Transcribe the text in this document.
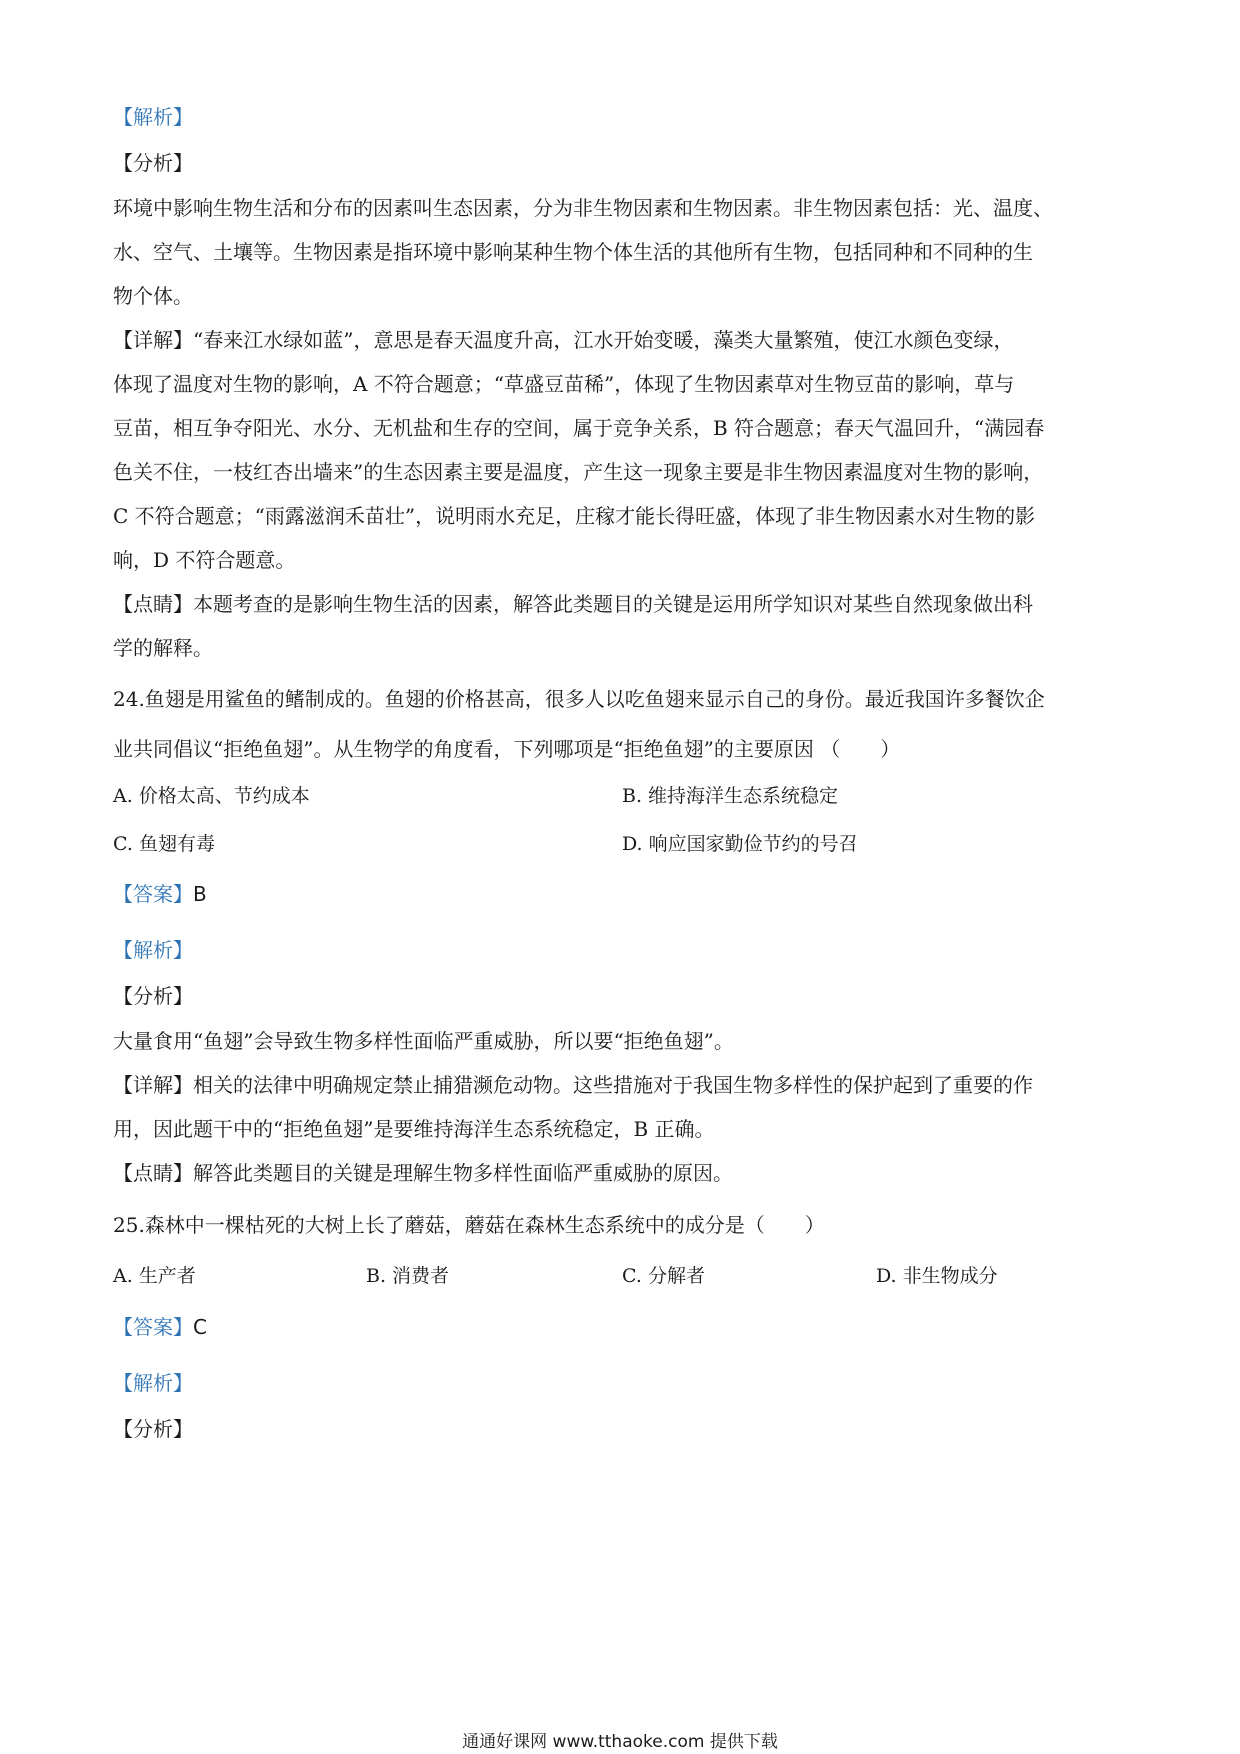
【解析】
【分析】
环境中影响生物生活和分布的因素叫生态因素，分为非生物因素和生物因素。非生物因素包括：光、温度、
水、空气、土壤等。生物因素是指环境中影响某种生物个体生活的其他所有生物，包括同种和不同种的生
物个体。
【详解】“春来江水绿如蓝”，意思是春天温度升高，江水开始变暖，藻类大量繁殖，使江水颜色变绿，
体现了温度对生物的影响，A 不符合题意；“草盛豆苗稀”，体现了生物因素草对生物豆苗的影响，草与
豆苗，相互争夺阳光、水分、无机盐和生存的空间，属于竞争关系，B 符合题意；春天气温回升，“满园春
色关不住，一枝红杏出墙来”的生态因素主要是温度，产生这一现象主要是非生物因素温度对生物的影响，
C 不符合题意；“雨露滋润禾苗壮”，说明雨水充足，庄稼才能长得旺盛，体现了非生物因素水对生物的影
响，D 不符合题意。
【点睛】本题考查的是影响生物生活的因素，解答此类题目的关键是运用所学知识对某些自然现象做出科
学的解释。
24.鱼翅是用鲨鱼的鳍制成的。鱼翅的价格甚高，很多人以吃鱼翅来显示自己的身份。最近我国许多餐饮企
业共同倡议“拒绝鱼翅”。从生物学的角度看，下列哪项是“拒绝鱼翅”的主要原因 （　　）
A. 价格太高、节约成本	B. 维持海洋生态系统稳定
C. 鱼翅有毒	D. 响应国家勤俭节约的号召
【答案】B
【解析】
【分析】
大量食用“鱼翅”会导致生物多样性面临严重威胁，所以要“拒绝鱼翅”。
【详解】相关的法律中明确规定禁止捕猎濒危动物。这些措施对于我国生物多样性的保护起到了重要的作
用，因此题干中的“拒绝鱼翅”是要维持海洋生态系统稳定，B 正确。
【点睛】解答此类题目的关键是理解生物多样性面临严重威胁的原因。
25.森林中一棵枯死的大树上长了蘑菇，蘑菇在森林生态系统中的成分是（　　）
A. 生产者	B. 消费者	C. 分解者	D. 非生物成分
【答案】C
【解析】
【分析】
通通好课网 www.tthaoke.com 提供下载
